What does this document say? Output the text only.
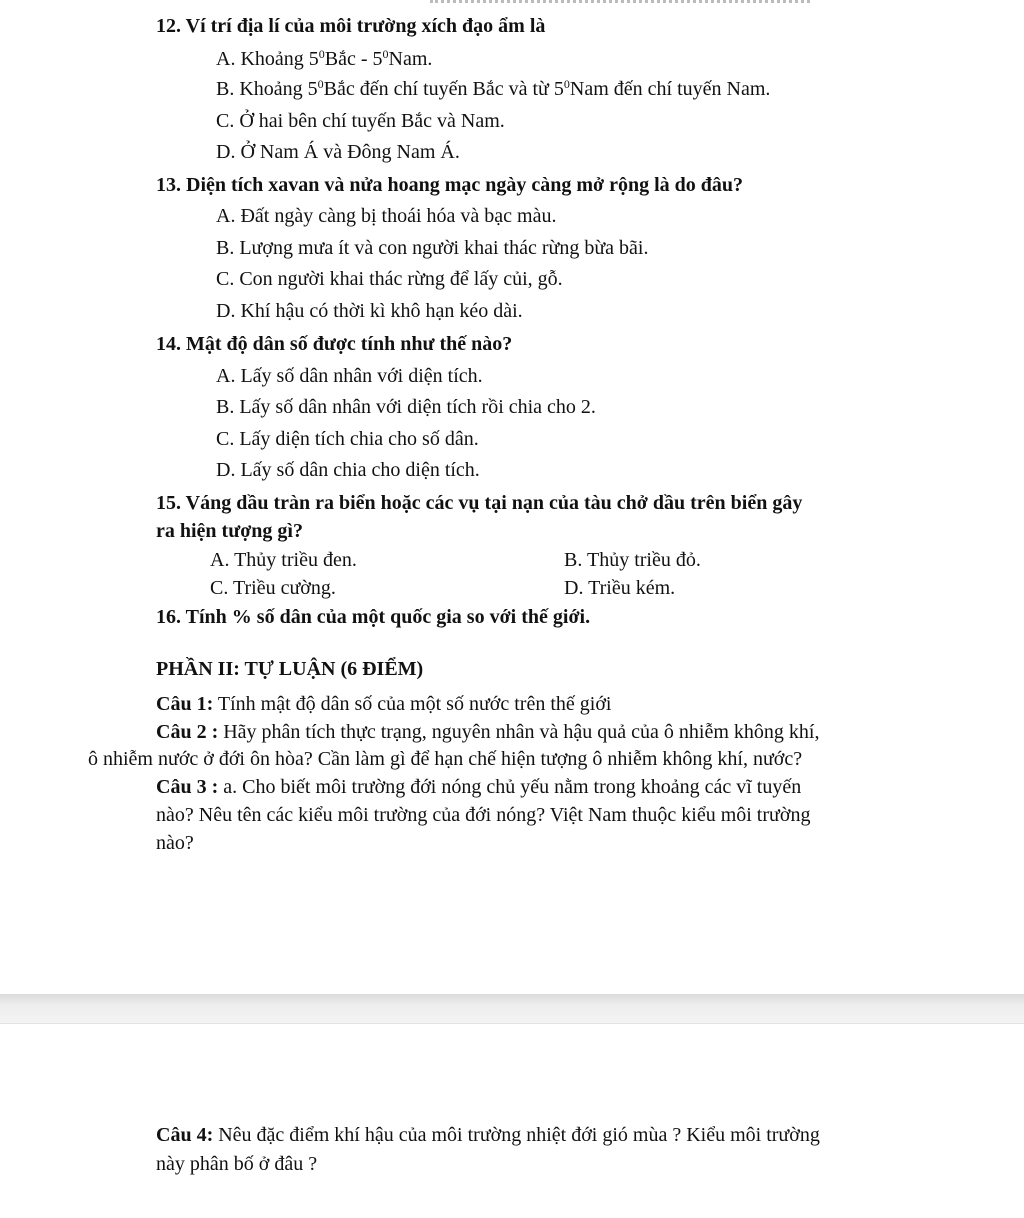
12. Ví trí địa lí của môi trường xích đạo ẩm là
A. Khoảng $5^0Bắc - 5^0Nam$.
B. Khoảng $5^0Bắc$ đến chí tuyến Bắc và từ $5^0Nam$ đến chí tuyến Nam.
C. Ở hai bên chí tuyến Bắc và Nam.
D. Ở Nam Á và Đông Nam Á.
13. Diện tích xavan và nửa hoang mạc ngày càng mở rộng là do đâu?
A. Đất ngày càng bị thoái hóa và bạc màu.
B. Lượng mưa ít và con người khai thác rừng bừa bãi.
C. Con người khai thác rừng để lấy củi, gỗ.
D. Khí hậu có thời kì khô hạn kéo dài.
14. Mật độ dân số được tính như thế nào?
A. Lấy số dân nhân với diện tích.
B. Lấy số dân nhân với diện tích rồi chia cho 2.
C. Lấy diện tích chia cho số dân.
D. Lấy số dân chia cho diện tích.
15. Váng dầu tràn ra biển hoặc các vụ tại nạn của tàu chở dầu trên biển gây
ra hiện tượng gì?
A. Thủy triều đen.	B. Thủy triều đỏ.
C. Triều cường.	D. Triều kém.
16. Tính % số dân của một quốc gia so với thế giới.
PHẦN II: TỰ LUẬN (6 ĐIỂM)
Câu 1: Tính mật độ dân số của một số nước trên thế giới
Câu 2 : Hãy phân tích thực trạng, nguyên nhân và hậu quả của ô nhiễm không khí,
ô nhiễm nước ở đới ôn hòa? Cần làm gì để hạn chế hiện tượng ô nhiễm không khí, nước?
Câu 3 : a. Cho biết môi trường đới nóng chủ yếu nằm trong khoảng các vĩ tuyến
nào? Nêu tên các kiểu môi trường của đới nóng? Việt Nam thuộc kiểu môi trường
nào?
Câu 4: Nêu đặc điểm khí hậu của môi trường nhiệt đới gió mùa ? Kiểu môi trường
này phân bố ở đâu ?
